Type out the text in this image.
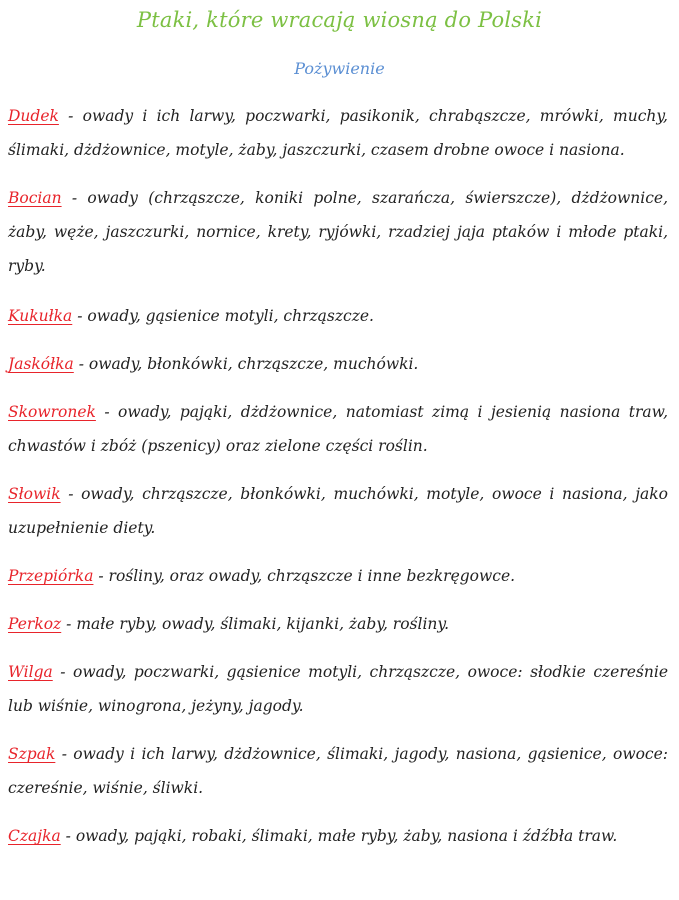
Ptaki, które wracają wiosną do Polski
Pożywienie
Dudek - owady i ich larwy, poczwarki, pasikonik, chrabąszcze, mrówki, muchy, ślimaki, dżdżownice, motyle, żaby, jaszczurki, czasem drobne owoce i nasiona.
Bocian - owady (chrząszcze, koniki polne, szarańcza, świerszcze), dżdżownice, żaby, węże, jaszczurki, nornice, krety, ryjówki, rzadziej jaja ptaków i młode ptaki, ryby.
Kukułka - owady, gąsienice motyli, chrząszcze.
Jaskółka - owady, błonkówki, chrząszcze, muchówki.
Skowronek - owady, pająki, dżdżownice, natomiast zimą i jesienią nasiona traw, chwastów i zbóż (pszenicy) oraz zielone części roślin.
Słowik - owady, chrząszcze, błonkówki, muchówki, motyle, owoce i nasiona, jako uzupełnienie diety.
Przepiórka - rośliny, oraz owady, chrząszcze i inne bezkręgowce.
Perkoz - małe ryby, owady, ślimaki, kijanki, żaby, rośliny.
Wilga - owady, poczwarki, gąsienice motyli, chrząszcze, owoce: słodkie czereśnie lub wiśnie, winogrona, jeżyny, jagody.
Szpak - owady i ich larwy, dżdżownice, ślimaki, jagody, nasiona, gąsienice, owoce: czereśnie, wiśnie, śliwki.
Czajka - owady, pająki, robaki, ślimaki, małe ryby, żaby, nasiona i źdźbła traw.
